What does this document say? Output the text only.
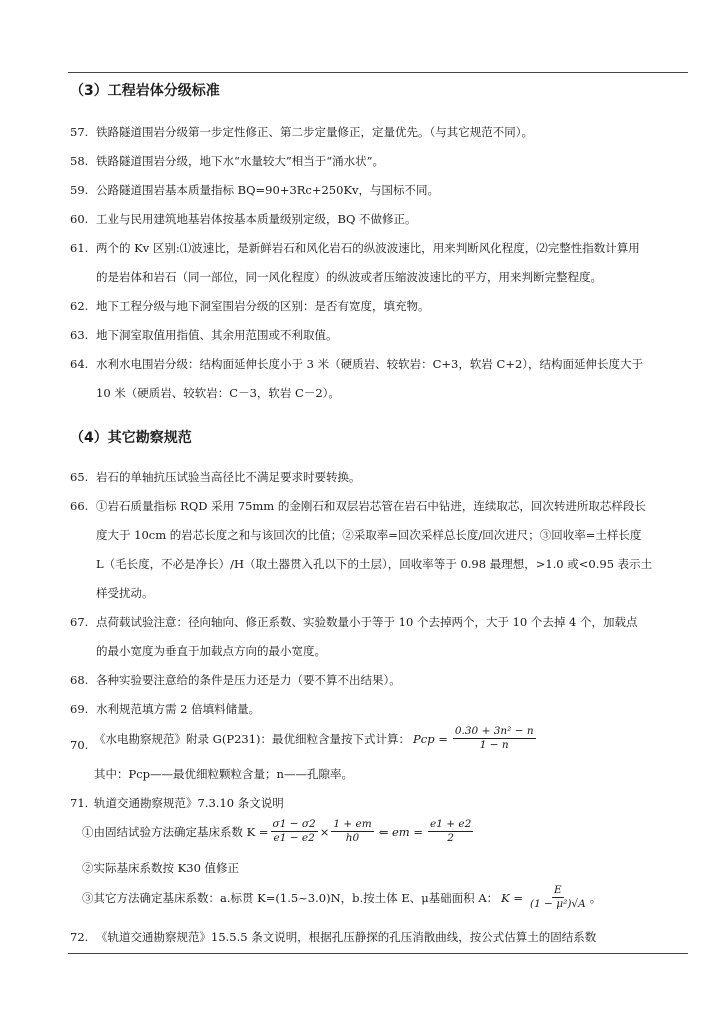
（3）工程岩体分级标准
57. 铁路隧道围岩分级第一步定性修正、第二步定量修正，定量优先。（与其它规范不同）。
58. 铁路隧道围岩分级，地下水“水量较大”相当于“涌水状”。
59. 公路隧道围岩基本质量指标 BQ=90+3Rc+250Kv，与国标不同。
60. 工业与民用建筑地基岩体按基本质量级别定级，BQ 不做修正。
61. 两个的 Kv 区别:⑴波速比，是新鲜岩石和风化岩石的纵波波速比，用来判断风化程度，⑵完整性指数计算用
的是岩体和岩石（同一部位，同一风化程度）的纵波或者压缩波波速比的平方，用来判断完整程度。
62. 地下工程分级与地下洞室围岩分级的区别：是否有宽度，填充物。
63. 地下洞室取值用指值、其余用范围或不利取值。
64. 水利水电围岩分级：结构面延伸长度小于 3 米（硬质岩、较软岩：C+3，软岩 C+2），结构面延伸长度大于
10 米（硬质岩、较软岩：C－3，软岩 C－2）。
（4）其它勘察规范
65. 岩石的单轴抗压试验当高径比不满足要求时要转换。
66. ①岩石质量指标 RQD 采用 75mm 的金刚石和双层岩芯管在岩石中钻进，连续取芯，回次转进所取芯样段长
度大于 10cm 的岩芯长度之和与该回次的比值；②采取率=回次采样总长度/回次进尺；③回收率=土样长度
L（毛长度，不必是净长）/H（取土器贯入孔以下的土层），回收率等于 0.98 最理想，>1.0 或<0.95 表示土
样受扰动。
67. 点荷载试验注意：径向轴向、修正系数、实验数量小于等于 10 个去掉两个，大于 10 个去掉 4 个，加载点
的最小宽度为垂直于加载点方向的最小宽度。
68. 各种实验要注意给的条件是压力还是力（要不算不出结果）。
69. 水利规范填方需 2 倍填料储量。
70. 《水电勘察规范》附录 G(P231)：最优细粒含量按下式计算： Pcp = $\frac{\text{0.30 + 3n² − n}}{1 - n}$
其中：Pcp——最优细粒颗粒含量；n——孔隙率。
71. 轨道交通勘察规范》7.3.10 条文说明
①由固结试验方法确定基床系数 $K = \frac{\sigma 1 - \sigma 2}{e1 - e2} \times \frac{1 + em}{h0}$ ⇐ em = $\frac{e1 + e2}{2}$
②实际基床系数按 K30 值修正
③其它方法确定基床系数：a.标贯 K=(1.5~3.0)N，b.按土体 E、μ基础面积 A： $K = \frac{E}{\text{(1 − μ²)√A}}$ 。
72. 《轨道交通勘察规范》15.5.5 条文说明，根据孔压静探的孔压消散曲线，按公式估算土的固结系数
